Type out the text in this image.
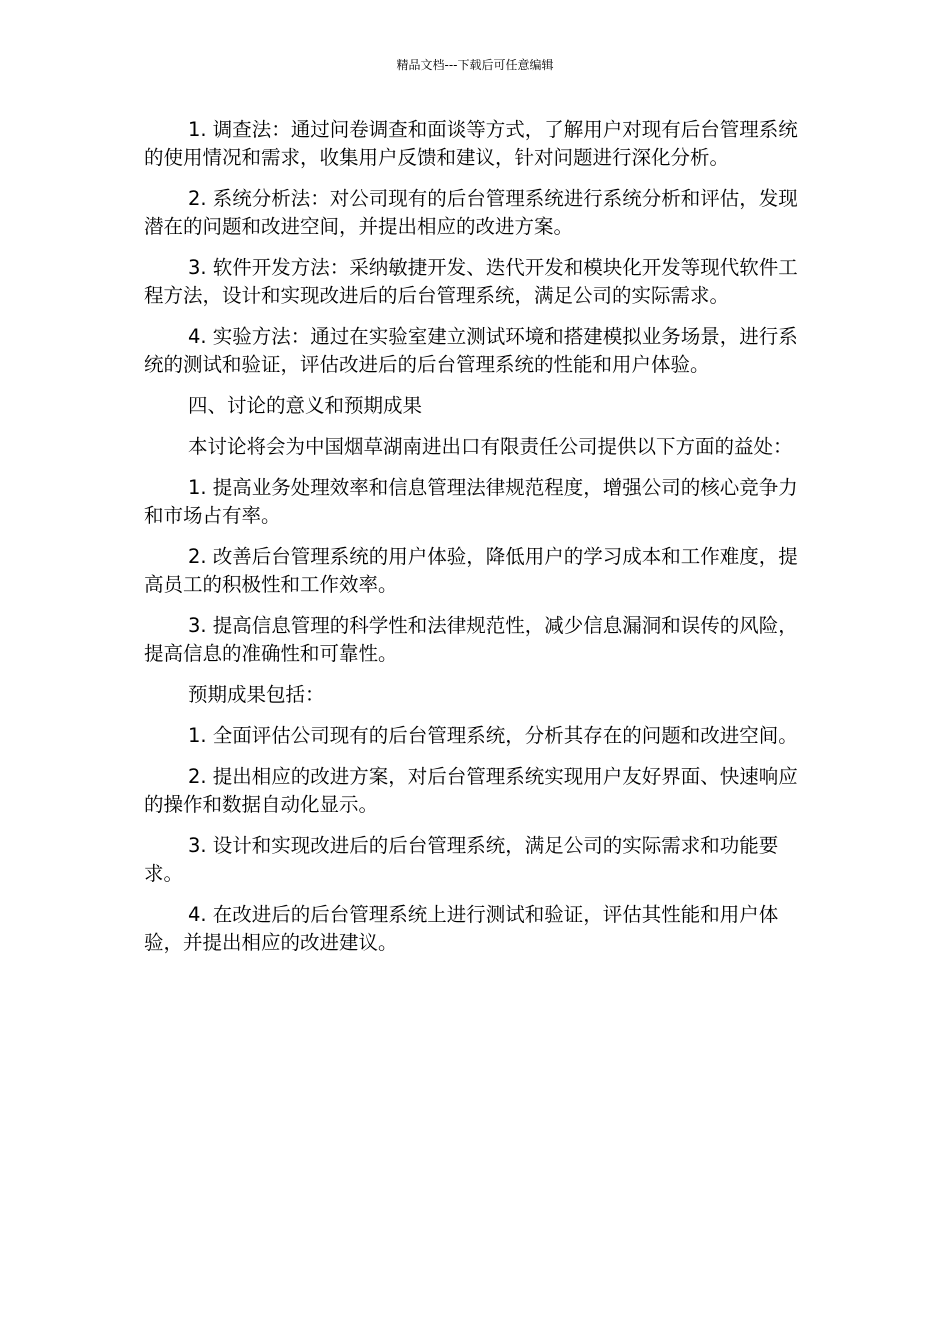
精品文档---下载后可任意编辑

1. 调查法：通过问卷调查和面谈等方式，了解用户对现有后台管理系统的使用情况和需求，收集用户反馈和建议，针对问题进行深化分析。

2. 系统分析法：对公司现有的后台管理系统进行系统分析和评估，发现潜在的问题和改进空间，并提出相应的改进方案。

3. 软件开发方法：采纳敏捷开发、迭代开发和模块化开发等现代软件工程方法，设计和实现改进后的后台管理系统，满足公司的实际需求。

4. 实验方法：通过在实验室建立测试环境和搭建模拟业务场景，进行系统的测试和验证，评估改进后的后台管理系统的性能和用户体验。

四、讨论的意义和预期成果

本讨论将会为中国烟草湖南进出口有限责任公司提供以下方面的益处：

1. 提高业务处理效率和信息管理法律规范程度，增强公司的核心竞争力和市场占有率。

2. 改善后台管理系统的用户体验，降低用户的学习成本和工作难度，提高员工的积极性和工作效率。

3. 提高信息管理的科学性和法律规范性，减少信息漏洞和误传的风险，提高信息的准确性和可靠性。

预期成果包括：

1. 全面评估公司现有的后台管理系统，分析其存在的问题和改进空间。

2. 提出相应的改进方案，对后台管理系统实现用户友好界面、快速响应的操作和数据自动化显示。

3. 设计和实现改进后的后台管理系统，满足公司的实际需求和功能要求。

4. 在改进后的后台管理系统上进行测试和验证，评估其性能和用户体验，并提出相应的改进建议。
